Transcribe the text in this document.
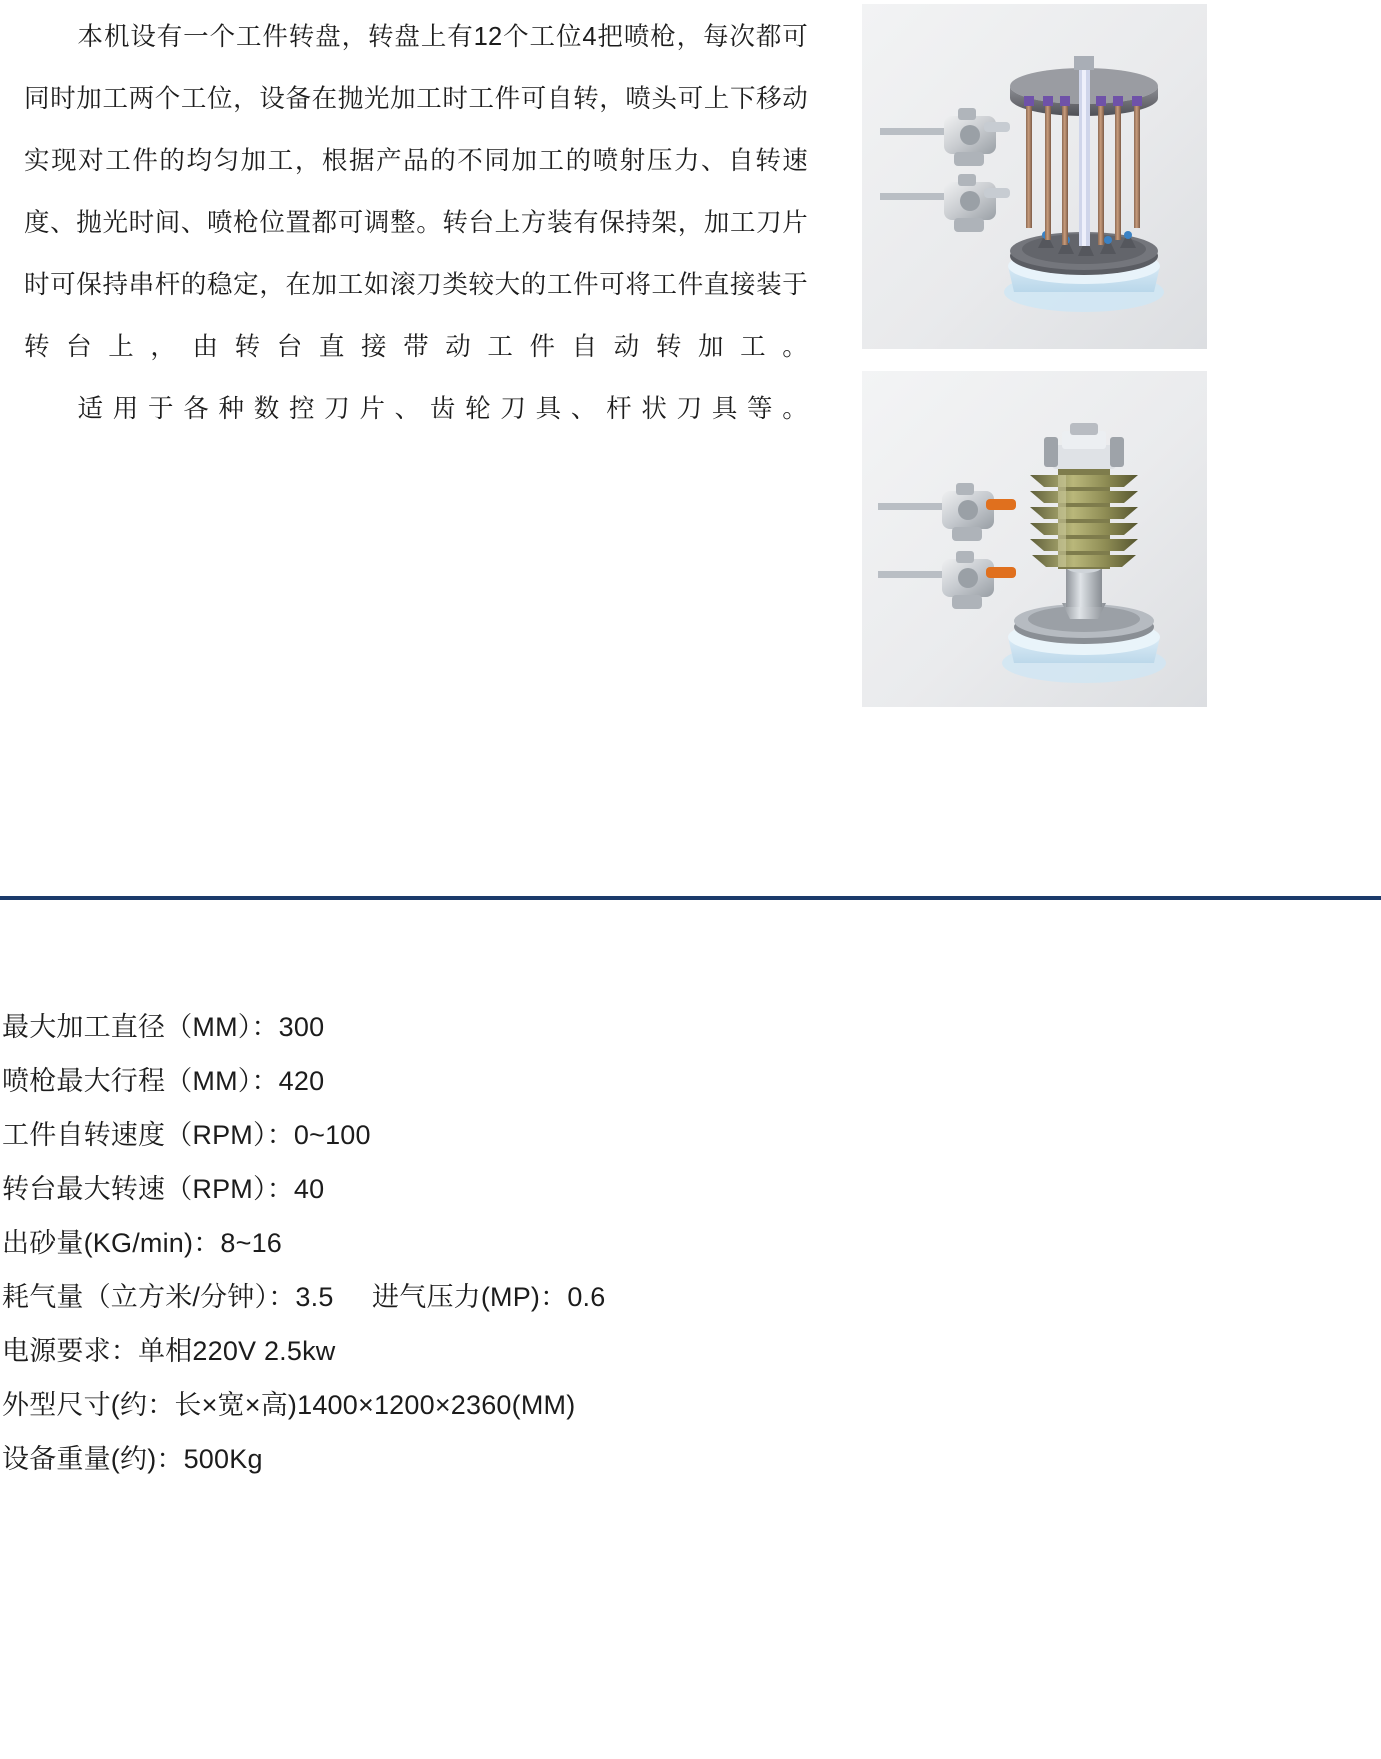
本机设有一个工件转盘，转盘上有12个工位4把喷枪，每次都可同时加工两个工位，设备在抛光加工时工件可自转，喷头可上下移动实现对工件的均匀加工，根据产品的不同加工的喷射压力、自转速度、抛光时间、喷枪位置都可调整。转台上方装有保持架，加工刀片时可保持串杆的稳定，在加工如滚刀类较大的工件可将工件直接装于转台上，由转台直接带动工件自动转加工。

适用于各种数控刀片、齿轮刀具、杆状刀具等。

最大加工直径（MM）：300
喷枪最大行程（MM）：420
工件自转速度（RPM）：0~100
转台最大转速（RPM）：40
出砂量(KG/min)：8~16
耗气量（立方米/分钟）：3.5     进气压力(MP)：0.6
电源要求：单相220V 2.5kw
外型尺寸(约：长×宽×高)1400×1200×2360(MM)
设备重量(约)：500Kg
